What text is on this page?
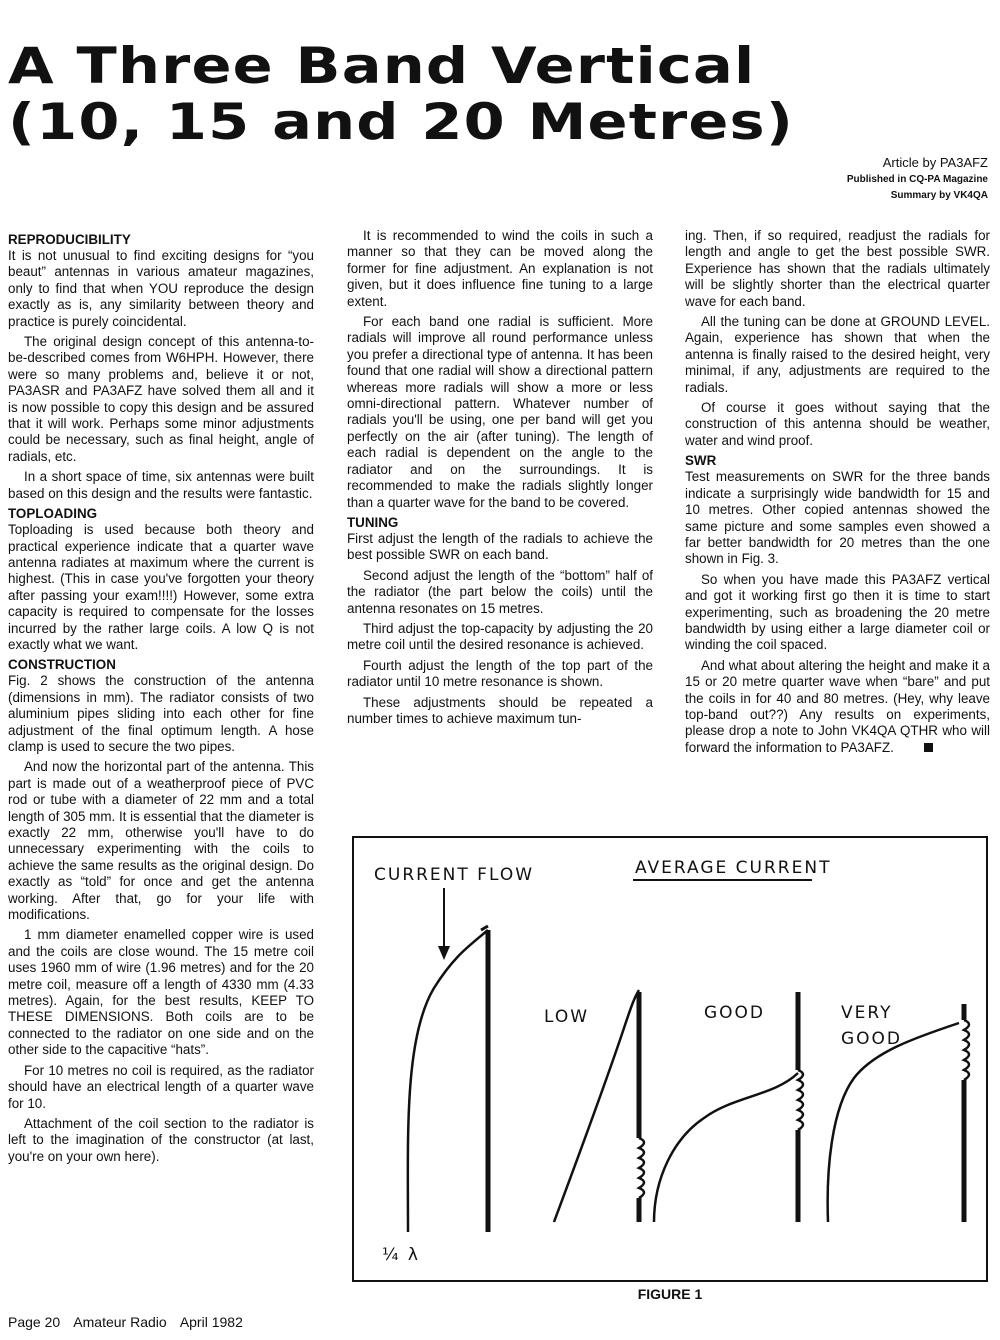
A Three Band Vertical
(10, 15 and 20 Metres)
Article by PA3AFZ
Published in CQ-PA Magazine
Summary by VK4QA
REPRODUCIBILITY

It is not unusual to find exciting designs for “you beaut” antennas in various amateur magazines, only to find that when YOU reproduce the design exactly as is, any similarity between theory and practice is purely coincidental.

The original design concept of this antenna-to-be-described comes from W6HPH. However, there were so many problems and, believe it or not, PA3ASR and PA3AFZ have solved them all and it is now possible to copy this design and be assured that it will work. Perhaps some minor adjustments could be necessary, such as final height, angle of radials, etc.

In a short space of time, six antennas were built based on this design and the results were fantastic.

TOPLOADING

Toploading is used because both theory and practical experience indicate that a quarter wave antenna radiates at maximum where the current is highest. (This in case you've forgotten your theory after passing your exam!!!!) However, some extra capacity is required to compensate for the losses incurred by the rather large coils. A low Q is not exactly what we want.

CONSTRUCTION

Fig. 2 shows the construction of the antenna (dimensions in mm). The radiator consists of two aluminium pipes sliding into each other for fine adjustment of the final optimum length. A hose clamp is used to secure the two pipes.

And now the horizontal part of the antenna. This part is made out of a weatherproof piece of PVC rod or tube with a diameter of 22 mm and a total length of 305 mm. It is essential that the diameter is exactly 22 mm, otherwise you'll have to do unnecessary experimenting with the coils to achieve the same results as the original design. Do exactly as “told” for once and get the antenna working. After that, go for your life with modifications.

1 mm diameter enamelled copper wire is used and the coils are close wound. The 15 metre coil uses 1960 mm of wire (1.96 metres) and for the 20 metre coil, measure off a length of 4330 mm (4.33 metres). Again, for the best results, KEEP TO THESE DIMENSIONS. Both coils are to be connected to the radiator on one side and on the other side to the capacitive “hats”.

For 10 metres no coil is required, as the radiator should have an electrical length of a quarter wave for 10.

Attachment of the coil section to the radiator is left to the imagination of the constructor (at last, you're on your own here).

It is recommended to wind the coils in such a manner so that they can be moved along the former for fine adjustment. An explanation is not given, but it does influence fine tuning to a large extent.

For each band one radial is sufficient. More radials will improve all round performance unless you prefer a directional type of antenna. It has been found that one radial will show a directional pattern whereas more radials will show a more or less omni-directional pattern. Whatever number of radials you'll be using, one per band will get you perfectly on the air (after tuning). The length of each radial is dependent on the angle to the radiator and on the surroundings. It is recommended to make the radials slightly longer than a quarter wave for the band to be covered.

TUNING

First adjust the length of the radials to achieve the best possible SWR on each band.

Second adjust the length of the “bottom” half of the radiator (the part below the coils) until the antenna resonates on 15 metres.

Third adjust the top-capacity by adjusting the 20 metre coil until the desired resonance is achieved.

Fourth adjust the length of the top part of the radiator until 10 metre resonance is shown.

These adjustments should be repeated a number times to achieve maximum tun-

ing. Then, if so required, readjust the radials for length and angle to get the best possible SWR. Experience has shown that the radials ultimately will be slightly shorter than the electrical quarter wave for each band.

All the tuning can be done at GROUND LEVEL. Again, experience has shown that when the antenna is finally raised to the desired height, very minimal, if any, adjustments are required to the radials.

Of course it goes without saying that the construction of this antenna should be weather, water and wind proof.

SWR

Test measurements on SWR for the three bands indicate a surprisingly wide bandwidth for 15 and 10 metres. Other copied antennas showed the same picture and some samples even showed a far better bandwidth for 20 metres than the one shown in Fig. 3.

So when you have made this PA3AFZ vertical and got it working first go then it is time to start experimenting, such as broadening the 20 metre bandwidth by using either a large diameter coil or winding the coil spaced.

And what about altering the height and make it a 15 or 20 metre quarter wave when “bare” and put the coils in for 40 and 80 metres. (Hey, why leave top-band out??) Any results on experiments, please drop a note to John VK4QA QTHR who will forward the information to PA3AFZ.

CURRENT FLOW	AVERAGE CURRENT
LOW	GOOD	VERY
GOOD
¼ λ
FIGURE 1
Page 20 Amateur Radio April 1982
